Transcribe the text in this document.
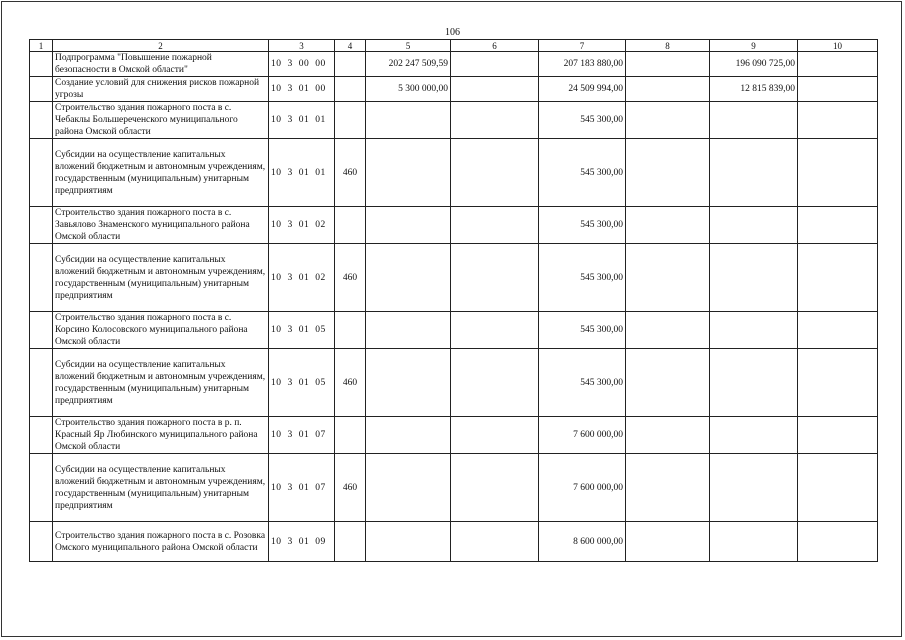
106
1	2	3	4	5	6	7	8	9	10
	Подпрограмма "Повышение пожарной безопасности в Омской области"	10 3 00 00		202 247 509,59		207 183 880,00		196 090 725,00	
	Создание условий для снижения рисков пожарной угрозы	10 3 01 00		5 300 000,00		24 509 994,00		12 815 839,00	
	Строительство здания пожарного поста в с. Чебаклы Большереченского муниципального района Омской области	10 3 01 01				545 300,00			
	Субсидии на осуществление капитальных вложений бюджетным и автономным учреждениям, государственным (муниципальным) унитарным предприятиям	10 3 01 01	460			545 300,00			
	Строительство здания пожарного поста в с. Завьялово Знаменского муниципального района Омской области	10 3 01 02				545 300,00			
	Субсидии на осуществление капитальных вложений бюджетным и автономным учреждениям, государственным (муниципальным) унитарным предприятиям	10 3 01 02	460			545 300,00			
	Строительство здания пожарного поста в с. Корсино Колосовского муниципального района Омской области	10 3 01 05				545 300,00			
	Субсидии на осуществление капитальных вложений бюджетным и автономным учреждениям, государственным (муниципальным) унитарным предприятиям	10 3 01 05	460			545 300,00			
	Строительство здания пожарного поста в р. п. Красный Яр Любинского муниципального района Омской области	10 3 01 07				7 600 000,00			
	Субсидии на осуществление капитальных вложений бюджетным и автономным учреждениям, государственным (муниципальным) унитарным предприятиям	10 3 01 07	460			7 600 000,00			
	Строительство здания пожарного поста в с. Розовка Омского муниципального района Омской области	10 3 01 09				8 600 000,00			
